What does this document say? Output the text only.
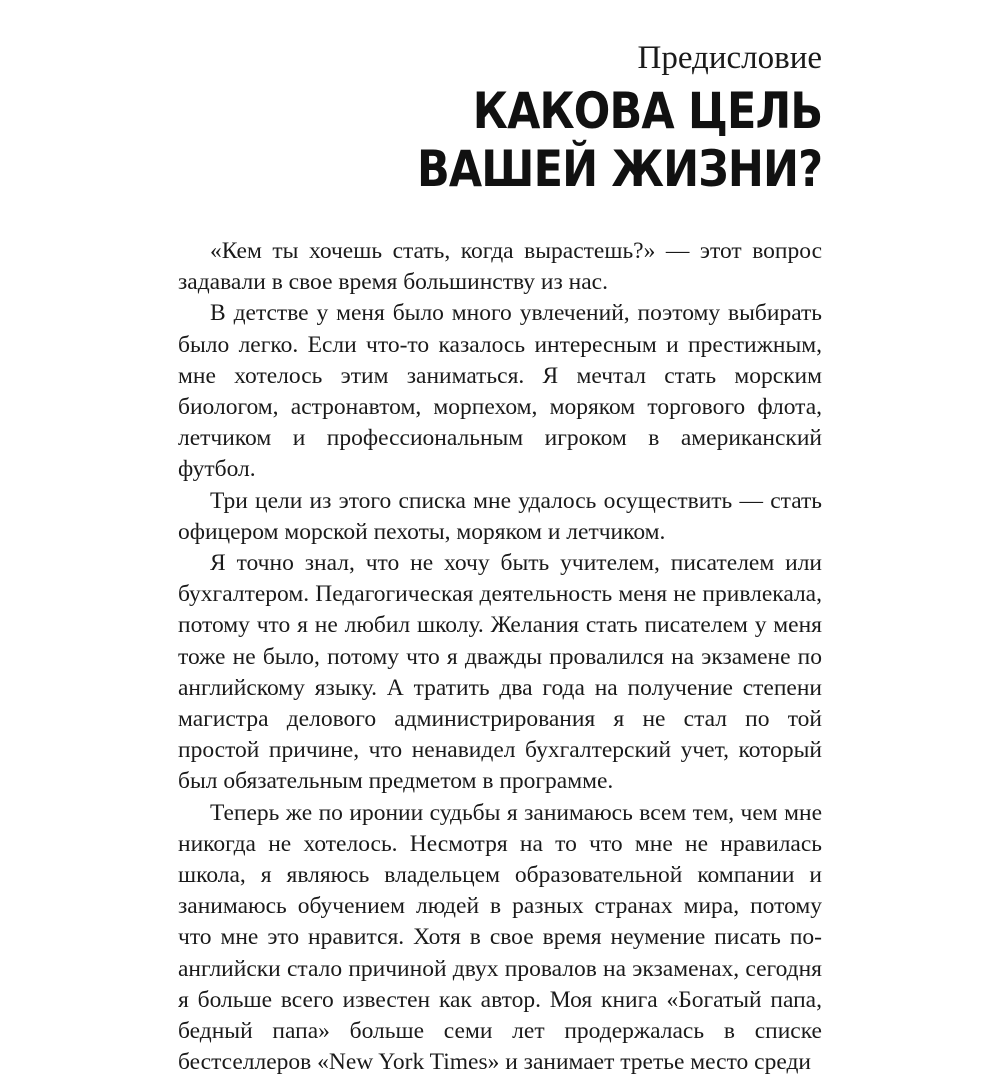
Предисловие
КАКОВА ЦЕЛЬ
ВАШЕЙ ЖИЗНИ?

«Кем ты хочешь стать, когда вырастешь?» — этот вопрос задавали в свое время большинству из нас.

В детстве у меня было много увлечений, поэтому выбирать было легко. Если что-то казалось интересным и престижным, мне хотелось этим заниматься. Я мечтал стать морским биологом, астронавтом, морпехом, моряком торгового флота, летчиком и профессиональным игроком в американский футбол.

Три цели из этого списка мне удалось осуществить — стать офицером морской пехоты, моряком и летчиком.

Я точно знал, что не хочу быть учителем, писателем или бухгалтером. Педагогическая деятельность меня не привлекала, потому что я не любил школу. Желания стать писателем у меня тоже не было, потому что я дважды провалился на экзамене по английскому языку. А тратить два года на получение степени магистра делового администрирования я не стал по той простой причине, что ненавидел бухгалтерский учет, который был обязательным предметом в программе.

Теперь же по иронии судьбы я занимаюсь всем тем, чем мне никогда не хотелось. Несмотря на то что мне не нравилась школа, я являюсь владельцем образовательной компании и занимаюсь обучением людей в разных странах мира, потому что мне это нравится. Хотя в свое время неумение писать по-английски стало причиной двух провалов на экзаменах, сегодня я больше всего известен как автор. Моя книга «Богатый папа, бедный папа» больше семи лет продержалась в списке бестселлеров «New York Times» и занимает третье место среди
